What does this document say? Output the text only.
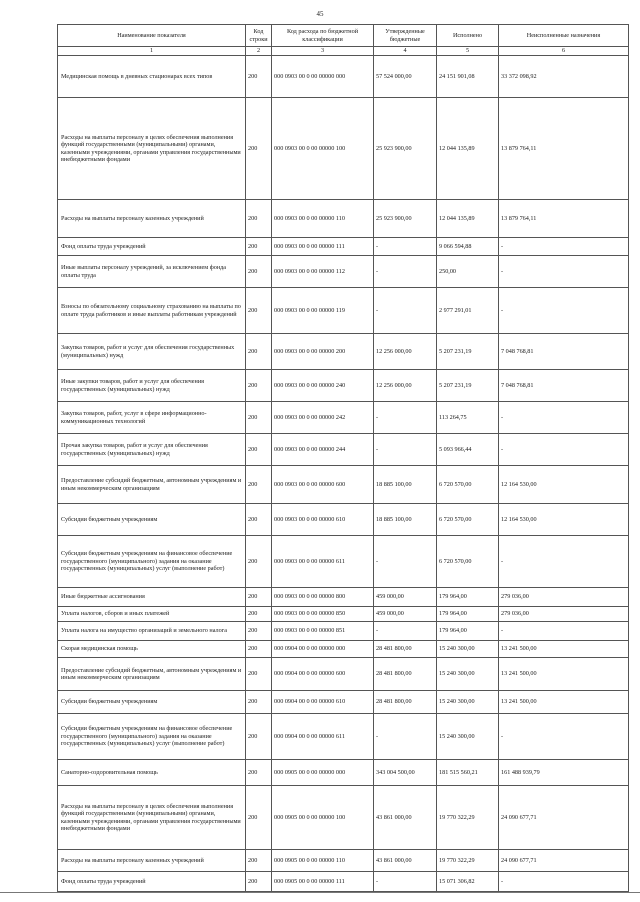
45
Наименование показателя	Код строки	Код расхода по бюджетной классификации	Утвержденные бюджетные	Исполнено	Неисполненные назначения
1	2	3	4	5	6
Медицинская помощь в дневных стационарах всех типов	200	000 0903 00 0 00 00000 000	57 524 000,00	24 151 901,08	33 372 098,92
Расходы на выплаты персоналу в целях обеспечения выполнения функций государственными (муниципальными) органами, казенными учреждениями, органами управления государственными внебюджетными фондами	200	000 0903 00 0 00 00000 100	25 923 900,00	12 044 135,89	13 879 764,11
Расходы на выплаты персоналу казенных учреждений	200	000 0903 00 0 00 00000 110	25 923 900,00	12 044 135,89	13 879 764,11
Фонд оплаты труда учреждений	200	000 0903 00 0 00 00000 111	-	9 066 594,88	-
Иные выплаты персоналу учреждений, за исключением фонда оплаты труда	200	000 0903 00 0 00 00000 112	-	250,00	-
Взносы по обязательному социальному страхованию на выплаты по оплате труда работников и иные выплаты работникам учреждений	200	000 0903 00 0 00 00000 119	-	2 977 291,01	-
Закупка товаров, работ и услуг для обеспечения государственных (муниципальных) нужд	200	000 0903 00 0 00 00000 200	12 256 000,00	5 207 231,19	7 048 768,81
Иные закупки товаров, работ и услуг для обеспечения государственных (муниципальных) нужд	200	000 0903 00 0 00 00000 240	12 256 000,00	5 207 231,19	7 048 768,81
Закупка товаров, работ, услуг в сфере информационно-коммуникационных технологий	200	000 0903 00 0 00 00000 242	-	113 264,75	-
Прочая закупка товаров, работ и услуг для обеспечения государственных (муниципальных) нужд	200	000 0903 00 0 00 00000 244	-	5 093 966,44	-
Предоставление субсидий бюджетным, автономным учреждениям и иным некоммерческим организациям	200	000 0903 00 0 00 00000 600	18 885 100,00	6 720 570,00	12 164 530,00
Субсидии бюджетным учреждениям	200	000 0903 00 0 00 00000 610	18 885 100,00	6 720 570,00	12 164 530,00
Субсидии бюджетным учреждениям на финансовое обеспечение государственного (муниципального) задания на оказание государственных (муниципальных) услуг (выполнение работ)	200	000 0903 00 0 00 00000 611	-	6 720 570,00	-
Иные бюджетные ассигнования	200	000 0903 00 0 00 00000 800	459 000,00	179 964,00	279 036,00
Уплата налогов, сборов и иных платежей	200	000 0903 00 0 00 00000 850	459 000,00	179 964,00	279 036,00
Уплата налога на имущество организаций и земельного налога	200	000 0903 00 0 00 00000 851	-	179 964,00	-
Скорая медицинская помощь	200	000 0904 00 0 00 00000 000	28 481 800,00	15 240 300,00	13 241 500,00
Предоставление субсидий бюджетным, автономным учреждениям и иным некоммерческим организациям	200	000 0904 00 0 00 00000 600	28 481 800,00	15 240 300,00	13 241 500,00
Субсидии бюджетным учреждениям	200	000 0904 00 0 00 00000 610	28 481 800,00	15 240 300,00	13 241 500,00
Субсидии бюджетным учреждениям на финансовое обеспечение государственного (муниципального) задания на оказание государственных (муниципальных) услуг (выполнение работ)	200	000 0904 00 0 00 00000 611	-	15 240 300,00	-
Санаторно-оздоровительная помощь	200	000 0905 00 0 00 00000 000	343 004 500,00	181 515 560,21	161 488 939,79
Расходы на выплаты персоналу в целях обеспечения выполнения функций государственными (муниципальными) органами, казенными учреждениями, органами управления государственными внебюджетными фондами	200	000 0905 00 0 00 00000 100	43 861 000,00	19 770 322,29	24 090 677,71
Расходы на выплаты персоналу казенных учреждений	200	000 0905 00 0 00 00000 110	43 861 000,00	19 770 322,29	24 090 677,71
Фонд оплаты труда учреждений	200	000 0905 00 0 00 00000 111	-	15 071 306,82	-
